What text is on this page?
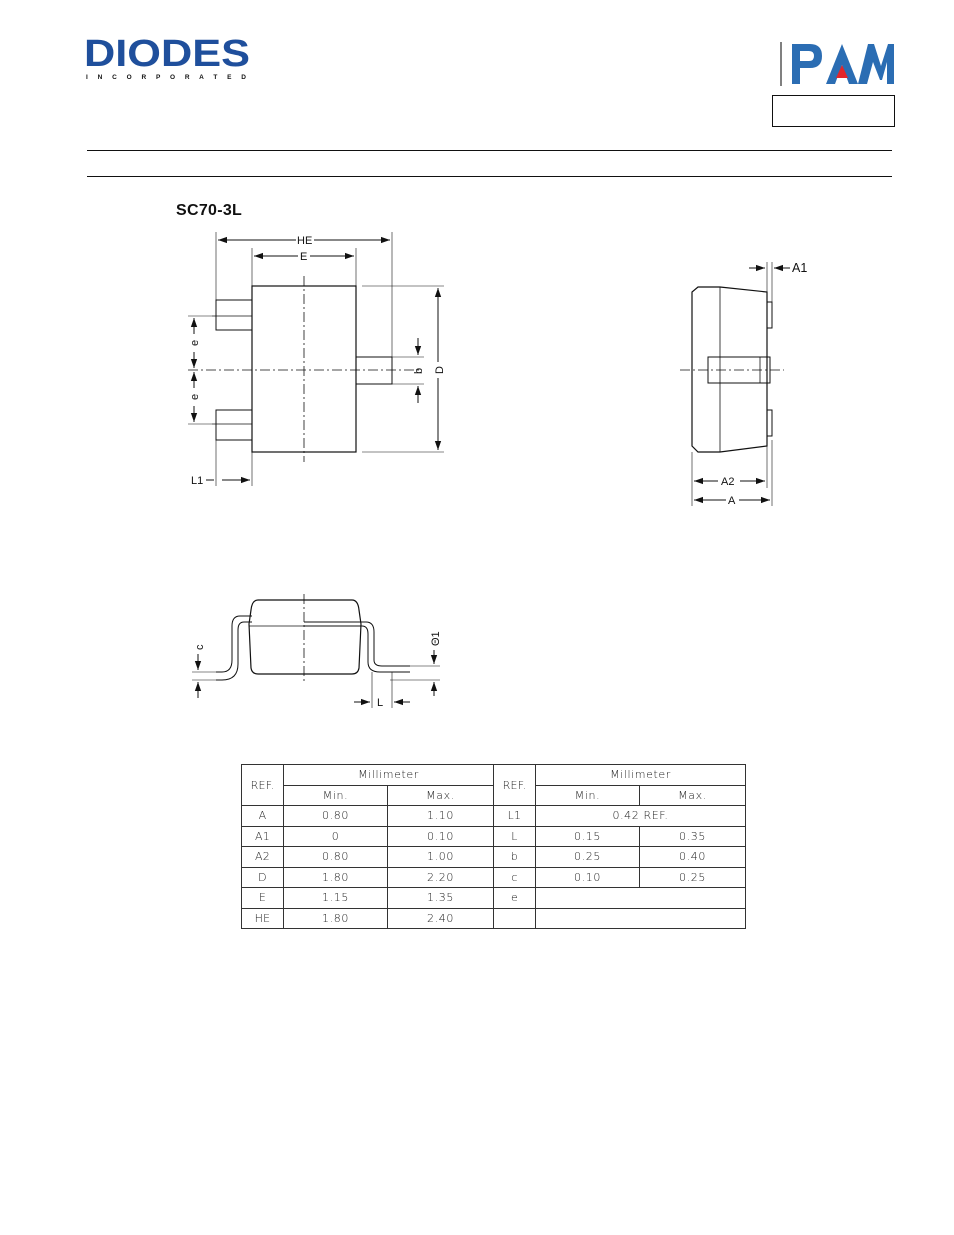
DIODES
I N C O R P O R A T E D
SC70-3L
HE
E
D
b
e
e
L1
A1
A2
A
c
Θ1
L
REF.	Millimeter		REF.	Millimeter	
	Min.	Max.		Min.	Max.
A	0.80	1.10	L1	0.42 REF.	
A1	0	0.10	L	0.15	0.35
A2	0.80	1.00	b	0.25	0.40
D	1.80	2.20	c	0.10	0.25
E	1.15	1.35	e		
HE	1.80	2.40			
